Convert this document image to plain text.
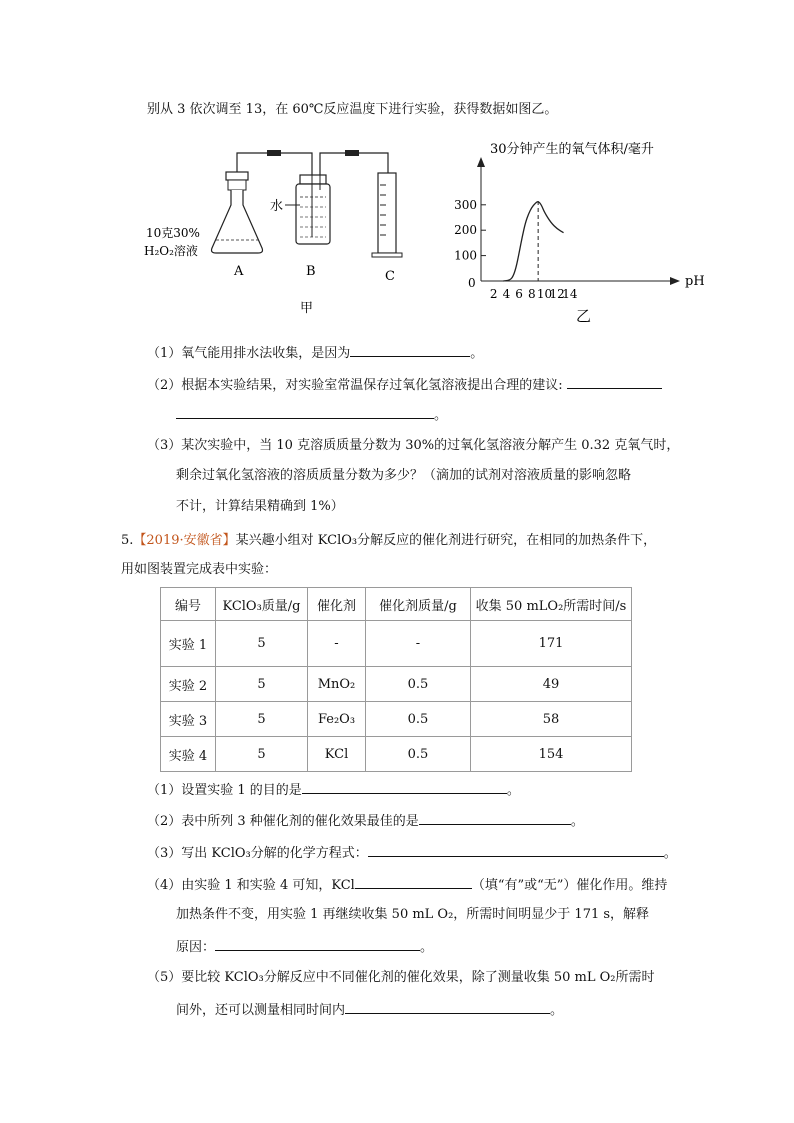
别从 3 依次调至 13，在 60℃反应温度下进行实验，获得数据如图乙。
水
10克30%
H₂O₂溶液
A	B	C
甲
30分钟产生的氧气体积/毫升
pH
0
2 4 6 8 10
12
14
100
200
300
乙
（1）氧气能用排水法收集，是因为	。
（2）根据本实验结果，对实验室常温保存过氧化氢溶液提出合理的建议:
。
（3）某次实验中，当 10 克溶质质量分数为 30%的过氧化氢溶液分解产生 0.32 克氧气时，
剩余过氧化氢溶液的溶质质量分数为多少？（滴加的试剂对溶液质量的影响忽略
不计，计算结果精确到 1%）
5.【2019·安徽省】某兴趣小组对 KClO₃分解反应的催化剂进行研究，在相同的加热条件下，
用如图装置完成表中实验：
编号	KClO₃质量/g	催化剂	催化剂质量/g	收集 50 mLO₂所需时间/s
实验 1	5	-	-	171
实验 2	5	MnO₂	0.5	49
实验 3	5	Fe₂O₃	0.5	58
实验 4	5	KCl	0.5	154
（1）设置实验 1 的目的是	。
（2）表中所列 3 种催化剂的催化效果最佳的是	。
（3）写出 KClO₃分解的化学方程式：	。
（4）由实验 1 和实验 4 可知，KCl	（填“有”或“无”）催化作用。维持
加热条件不变，用实验 1 再继续收集 50 mL O₂，所需时间明显少于 171 s，解释
原因：	。
（5）要比较 KClO₃分解反应中不同催化剂的催化效果，除了测量收集 50 mL O₂所需时
间外，还可以测量相同时间内	。
